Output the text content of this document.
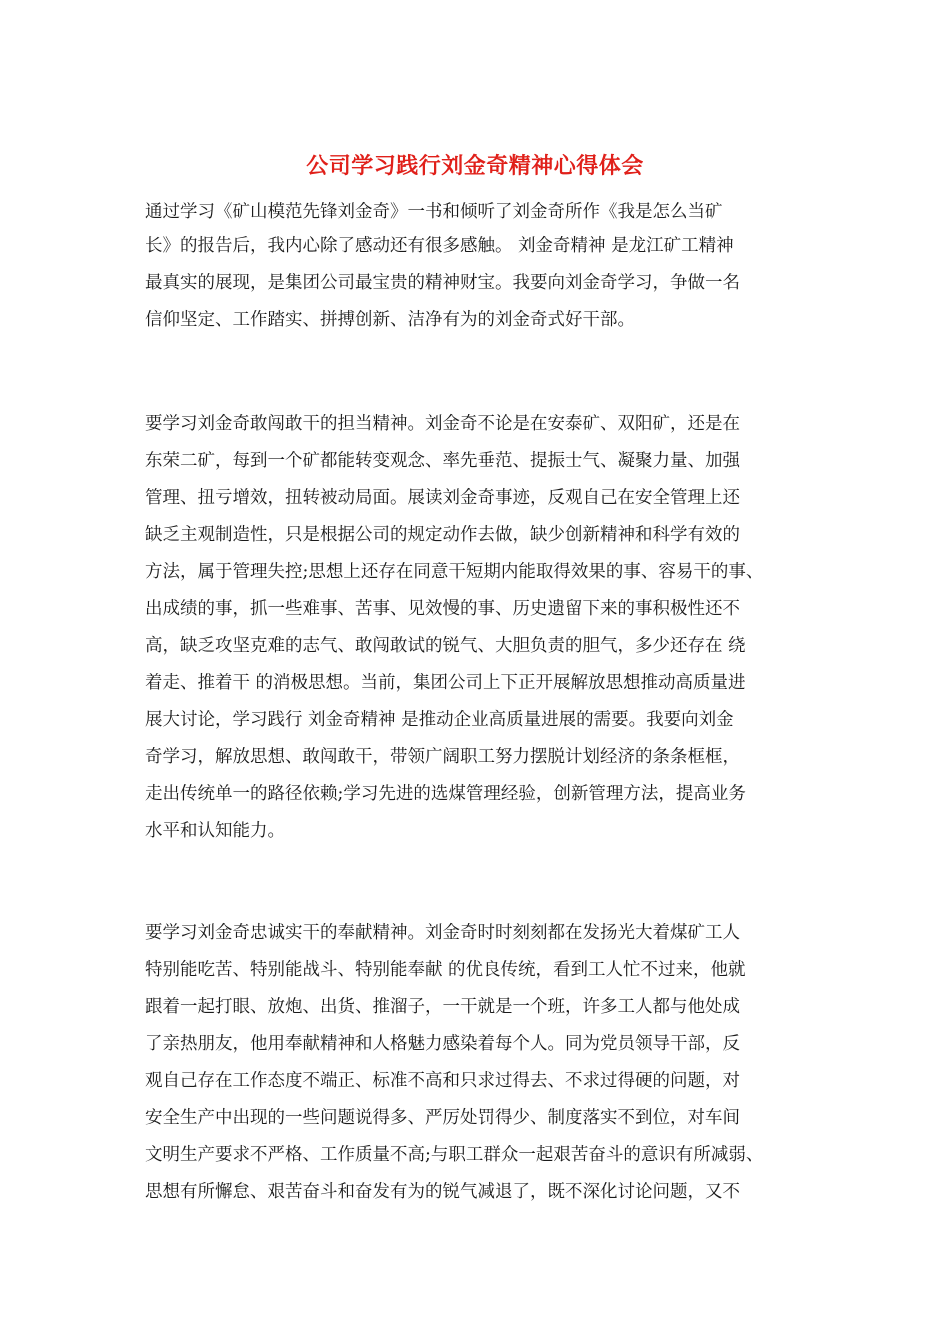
公司学习践行刘金奇精神心得体会
通过学习《矿山模范先锋刘金奇》一书和倾听了刘金奇所作《我是怎么当矿
长》的报告后，我内心除了感动还有很多感触。 刘金奇精神 是龙江矿工精神
最真实的展现，是集团公司最宝贵的精神财宝。我要向刘金奇学习，争做一名
信仰坚定、工作踏实、拼搏创新、洁净有为的刘金奇式好干部。
要学习刘金奇敢闯敢干的担当精神。刘金奇不论是在安泰矿、双阳矿，还是在
东荣二矿，每到一个矿都能转变观念、率先垂范、提振士气、凝聚力量、加强
管理、扭亏增效，扭转被动局面。展读刘金奇事迹，反观自己在安全管理上还
缺乏主观制造性，只是根据公司的规定动作去做，缺少创新精神和科学有效的
方法，属于管理失控;思想上还存在同意干短期内能取得效果的事、容易干的事、
出成绩的事，抓一些难事、苦事、见效慢的事、历史遗留下来的事积极性还不
高，缺乏攻坚克难的志气、敢闯敢试的锐气、大胆负责的胆气，多少还存在 绕
着走、推着干 的消极思想。当前，集团公司上下正开展解放思想推动高质量进
展大讨论，学习践行 刘金奇精神 是推动企业高质量进展的需要。我要向刘金
奇学习，解放思想、敢闯敢干，带领广阔职工努力摆脱计划经济的条条框框，
走出传统单一的路径依赖;学习先进的选煤管理经验，创新管理方法，提高业务
水平和认知能力。
要学习刘金奇忠诚实干的奉献精神。刘金奇时时刻刻都在发扬光大着煤矿工人
特别能吃苦、特别能战斗、特别能奉献 的优良传统，看到工人忙不过来，他就
跟着一起打眼、放炮、出货、推溜子，一干就是一个班，许多工人都与他处成
了亲热朋友，他用奉献精神和人格魅力感染着每个人。同为党员领导干部，反
观自己存在工作态度不端正、标准不高和只求过得去、不求过得硬的问题，对
安全生产中出现的一些问题说得多、严厉处罚得少、制度落实不到位，对车间
文明生产要求不严格、工作质量不高;与职工群众一起艰苦奋斗的意识有所减弱、
思想有所懈怠、艰苦奋斗和奋发有为的锐气减退了，既不深化讨论问题，又不
